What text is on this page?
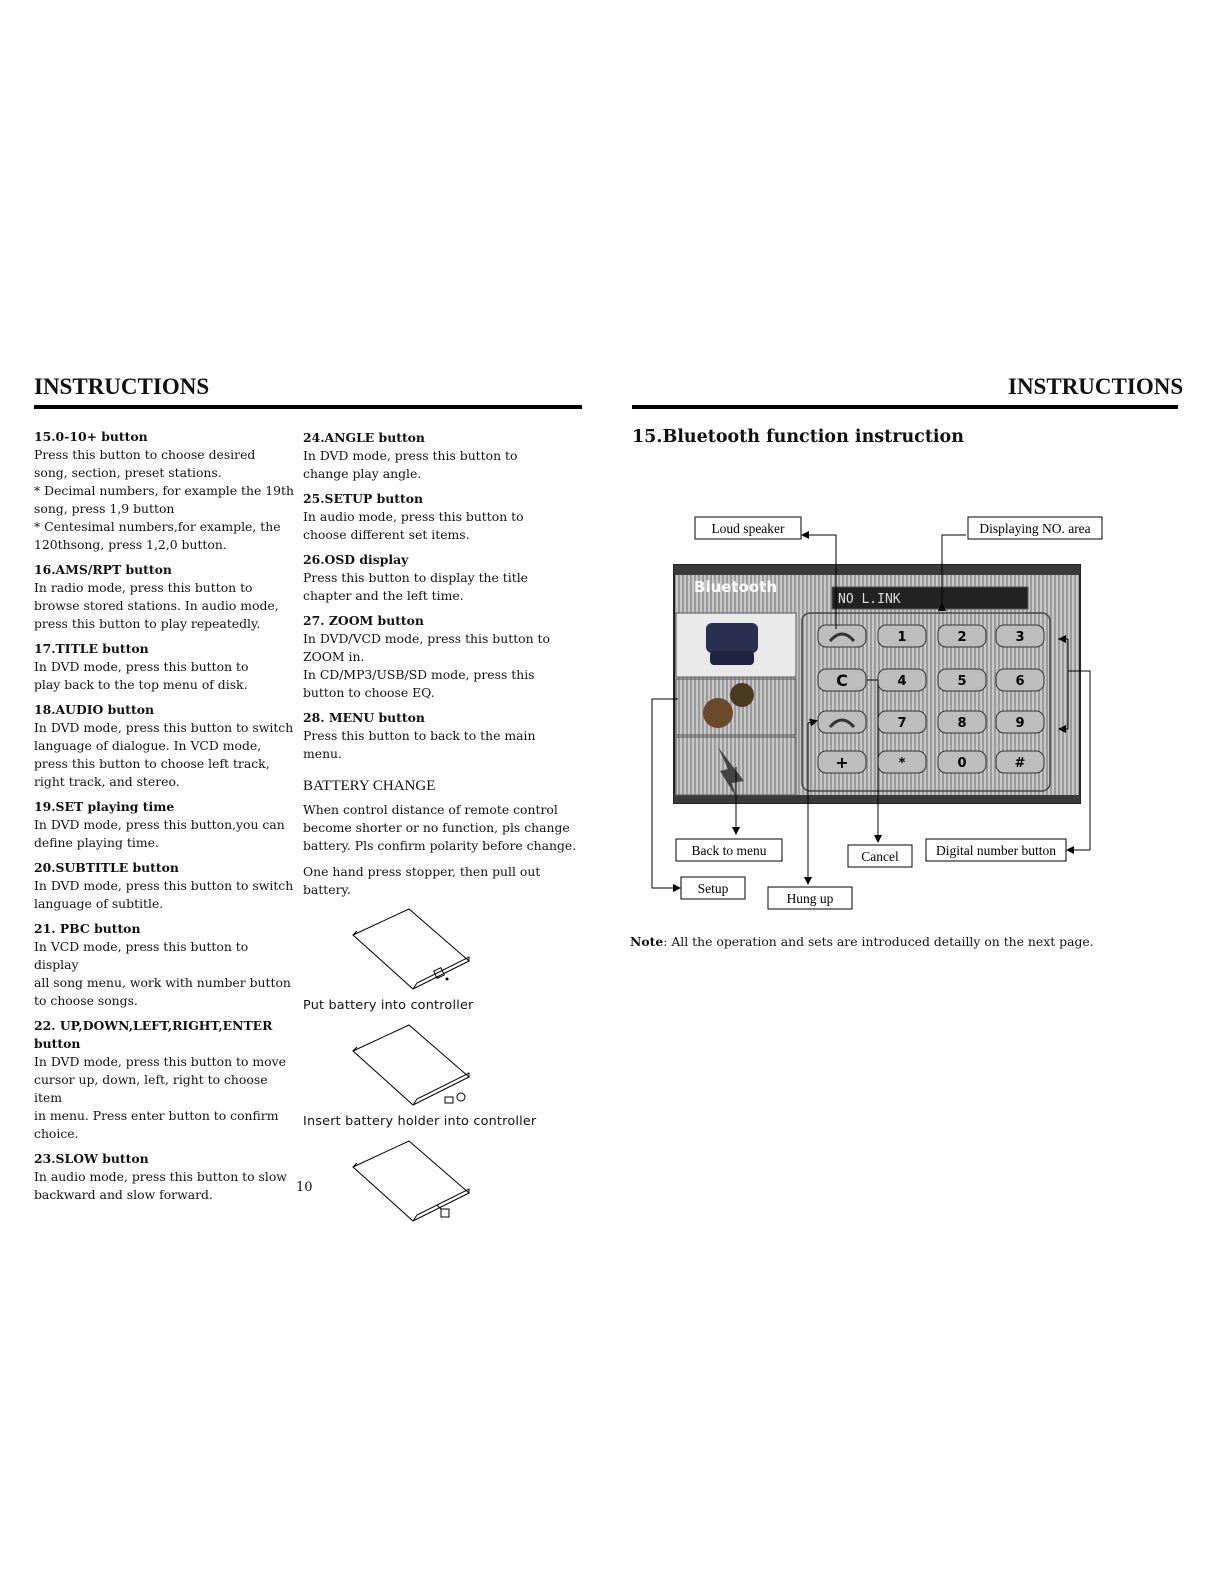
INSTRUCTIONS	INSTRUCTIONS
15.0-10+ button
Press this button to choose desired
song, section, preset stations.
* Decimal numbers, for example the 19th
song, press 1,9 button
* Centesimal numbers,for example, the
120thsong, press 1,2,0 button.
16.AMS/RPT button
In radio mode, press this button to
browse stored stations. In audio mode,
press this button to play repeatedly.
17.TITLE button
In DVD mode, press this button to
play back to the top menu of disk.
18.AUDIO button
In DVD mode, press this button to switch
language of dialogue. In VCD mode,
press this button to choose left track,
right track, and stereo.
19.SET playing time
In DVD mode, press this button,you can
define playing time.
20.SUBTITLE button
In DVD mode, press this button to switch
language of subtitle.
21. PBC button
In VCD mode, press this button to display
all song menu, work with number button
to choose songs.
22. UP,DOWN,LEFT,RIGHT,ENTER
button
In DVD mode, press this button to move
cursor up, down, left, right to choose item
in menu. Press enter button to confirm
choice.
23.SLOW button
In audio mode, press this button to slow
backward and slow forward.
24.ANGLE button
In DVD mode, press this button to
change play angle.
25.SETUP button
In audio mode, press this button to
choose different set items.
26.OSD display
Press this button to display the title
chapter and the left time.
27. ZOOM button
In DVD/VCD mode, press this button to
ZOOM in.
In CD/MP3/USB/SD mode, press this
button to choose EQ.
28. MENU button
Press this button to back to the main menu.
BATTERY CHANGE
When control distance of remote control become shorter or no function, pls change battery. Pls confirm polarity before change.
One hand press stopper, then pull out battery.
Put battery into controller
Insert battery holder into controller
10
15.Bluetooth function instruction
Bluetooth
NO L.INK
C
+
1	2	3
4	5	6
7	8	9
*	0	#
Loud speaker	Displaying NO. area
Back to menu	Cancel	Digital number button
Setup
Hung up
Note: All the operation and sets are introduced detailly on the next page.
